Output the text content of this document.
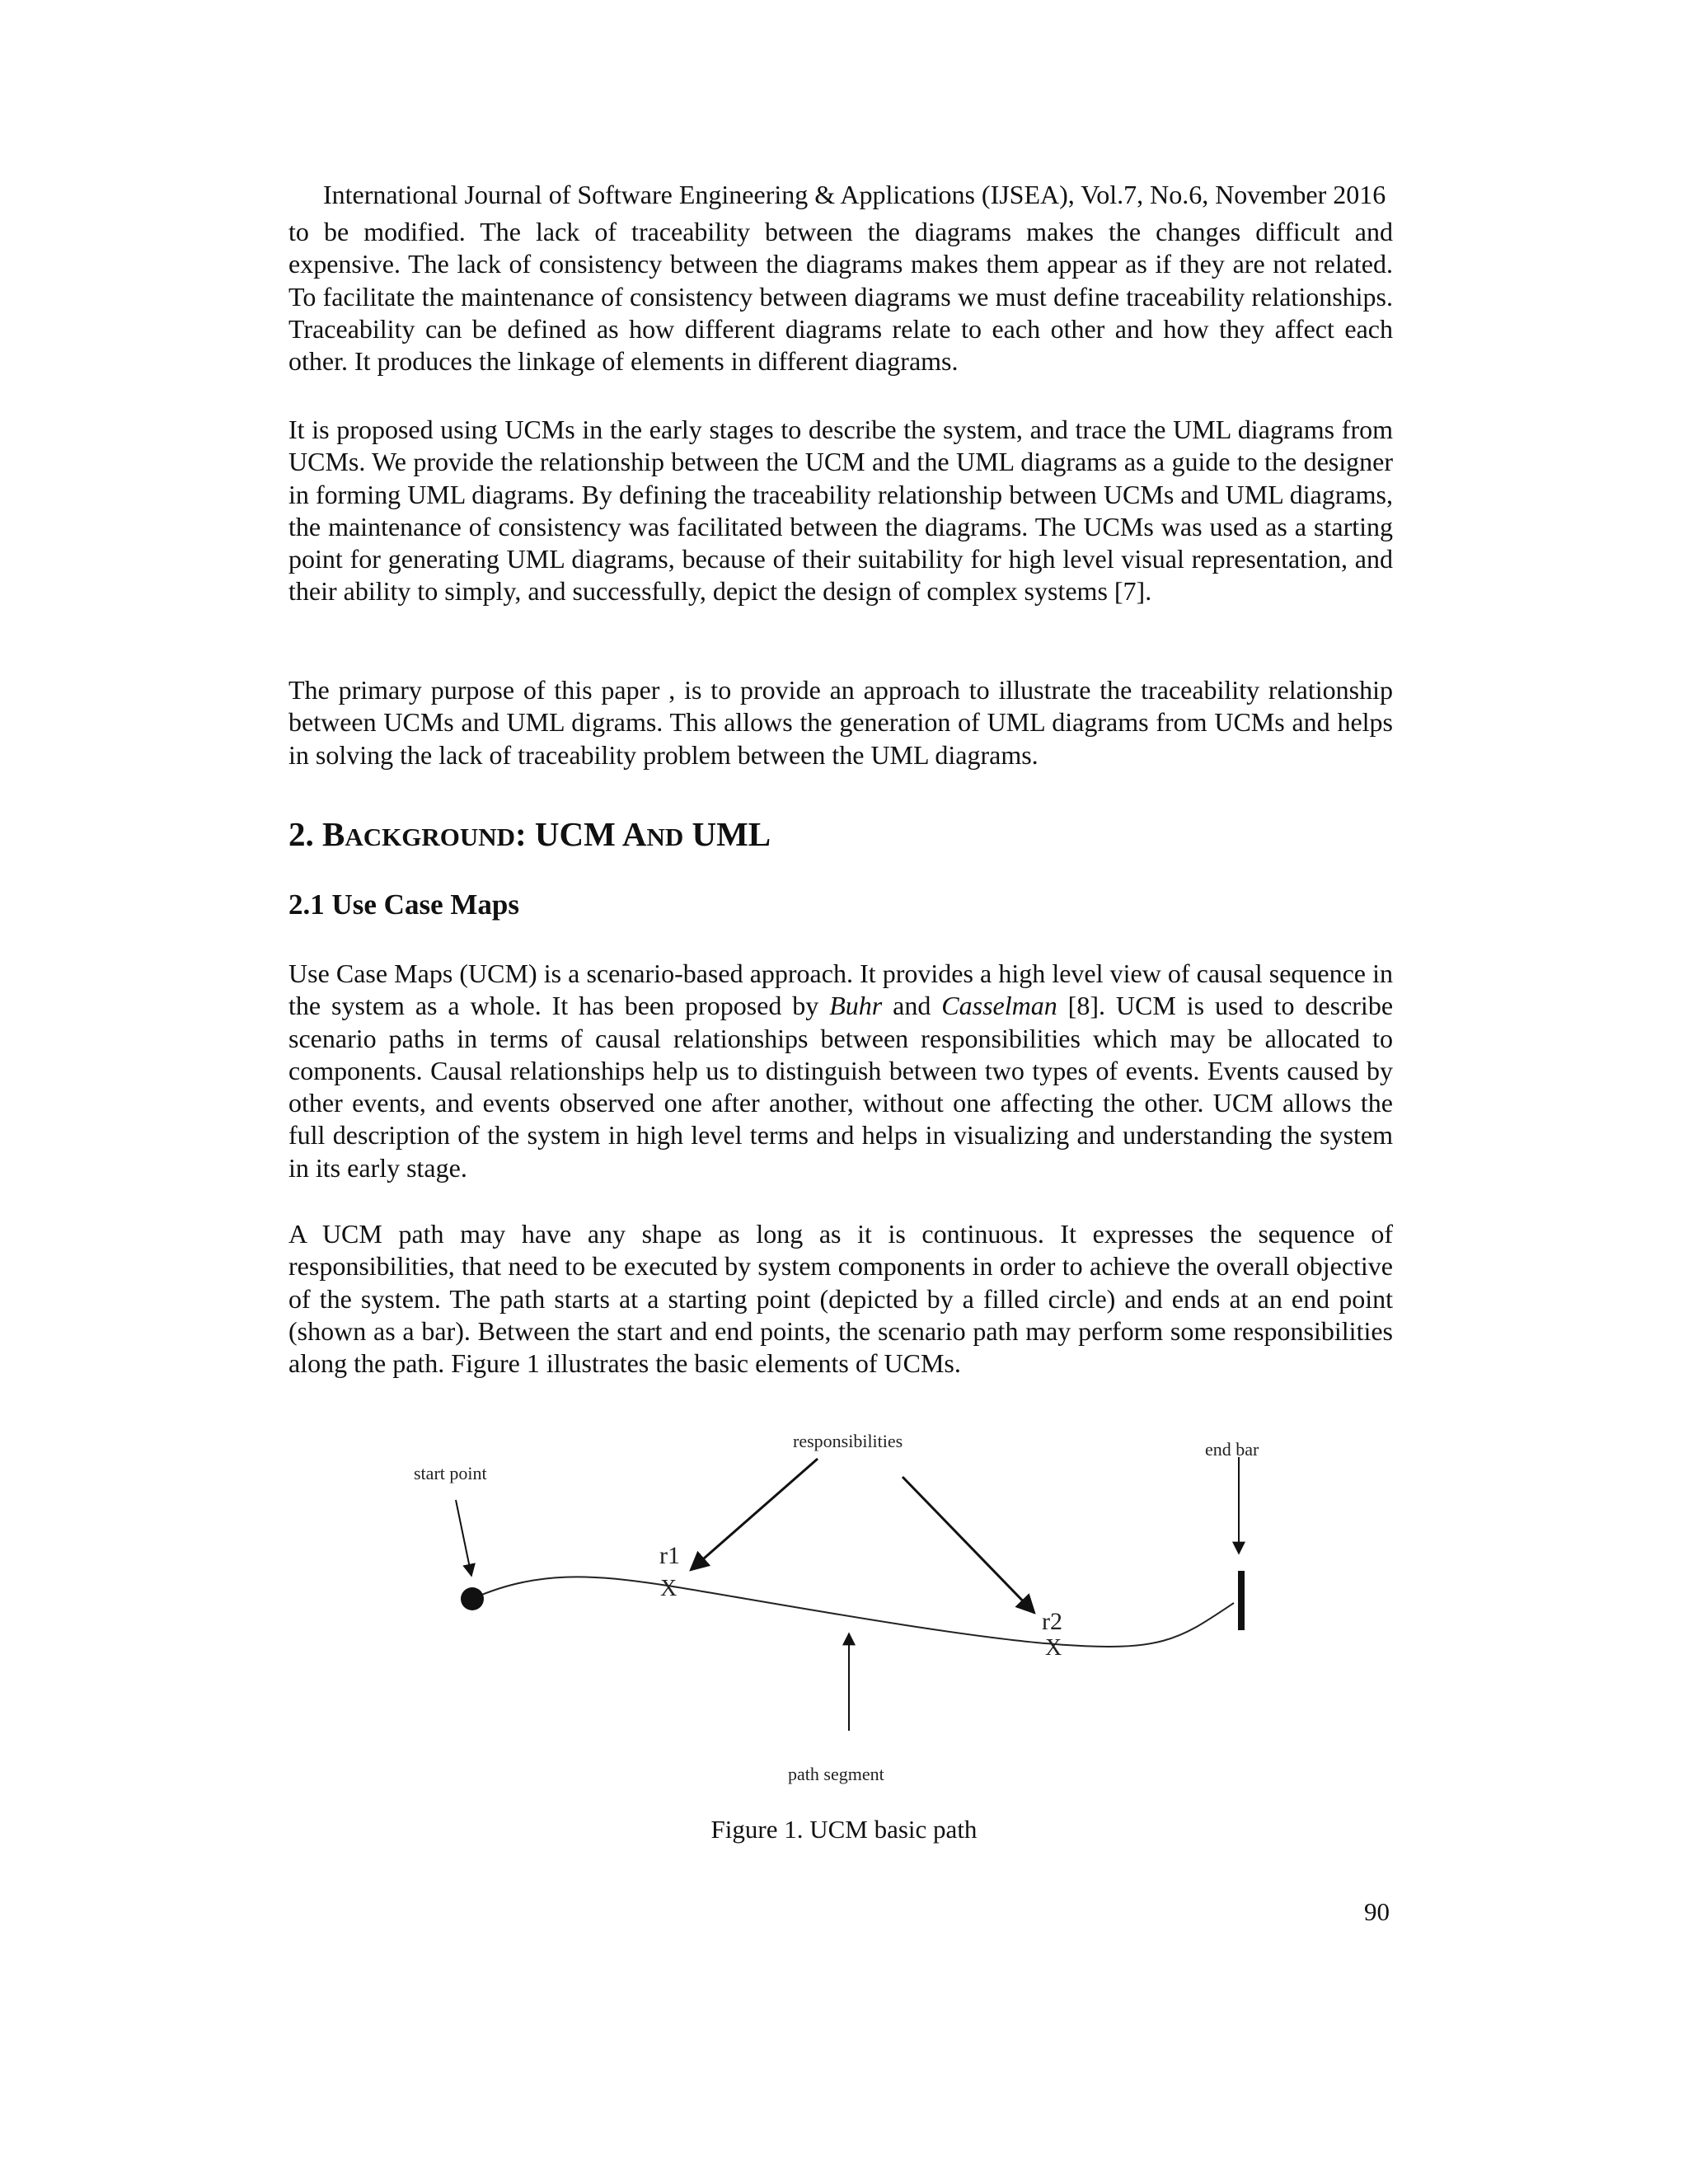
International Journal of Software Engineering & Applications (IJSEA), Vol.7, No.6, November 2016

to be modified. The lack of traceability between the diagrams makes the changes difficult and expensive. The lack of consistency between the diagrams makes them appear as if they are not related. To facilitate the maintenance of consistency between diagrams we must define traceability relationships. Traceability can be defined as how different diagrams relate to each other and how they affect each other. It produces the linkage of elements in different diagrams.

It is proposed using UCMs in the early stages to describe the system, and trace the UML diagrams from UCMs. We provide the relationship between the UCM and the UML diagrams as a guide to the designer in forming UML diagrams. By defining the traceability relationship between UCMs and UML diagrams, the maintenance of consistency was facilitated between the diagrams. The UCMs was used as a starting point for generating UML diagrams, because of their suitability for high level visual representation, and their ability to simply, and successfully, depict the design of complex systems [7].

The primary purpose of this paper , is to provide an approach to illustrate the traceability relationship between UCMs and UML digrams. This allows the generation of UML diagrams from UCMs and helps in solving the lack of traceability problem between the UML diagrams.

2. BACKGROUND: UCM AND UML
2.1 Use Case Maps

Use Case Maps (UCM) is a scenario-based approach. It provides a high level view of causal sequence in the system as a whole. It has been proposed by Buhr and Casselman [8]. UCM is used to describe scenario paths in terms of causal relationships between responsibilities which may be allocated to components. Causal relationships help us to distinguish between two types of events. Events caused by other events, and events observed one after another, without one affecting the other. UCM allows the full description of the system in high level terms and helps in visualizing and understanding the system in its early stage.

A UCM path may have any shape as long as it is continuous. It expresses the sequence of responsibilities, that need to be executed by system components in order to achieve the overall objective of the system. The path starts at a starting point (depicted by a filled circle) and ends at an end point (shown as a bar). Between the start and end points, the scenario path may perform some responsibilities along the path. Figure 1 illustrates the basic elements of UCMs.

start point
responsibilities	end bar
path segment
r1
X
r2
X
Figure 1. UCM basic path
90
